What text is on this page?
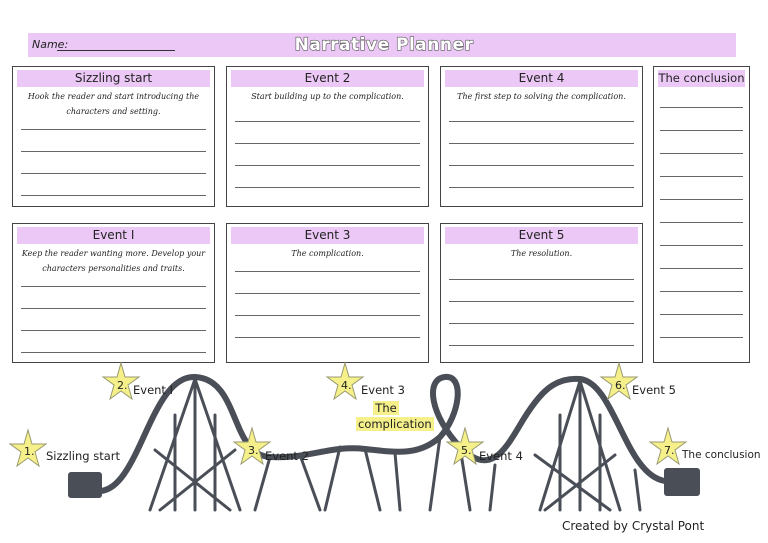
Name:	Narrative Planner
Sizzling start
Hook the reader and start introducing the characters and setting.
Event 2
Start building up to the complication.
Event 4
The first step to solving the complication.
The conclusion
Event I
Keep the reader wanting more. Develop your characters personalities and traits.
Event 3
The complication.
Event 5
The resolution.
1.
2.
3.
4.
5.
6.
7.
Sizzling start
Event I
Event 2
Event 3
The
complication
Event 4
Event 5
The conclusion
Created by Crystal Pont
